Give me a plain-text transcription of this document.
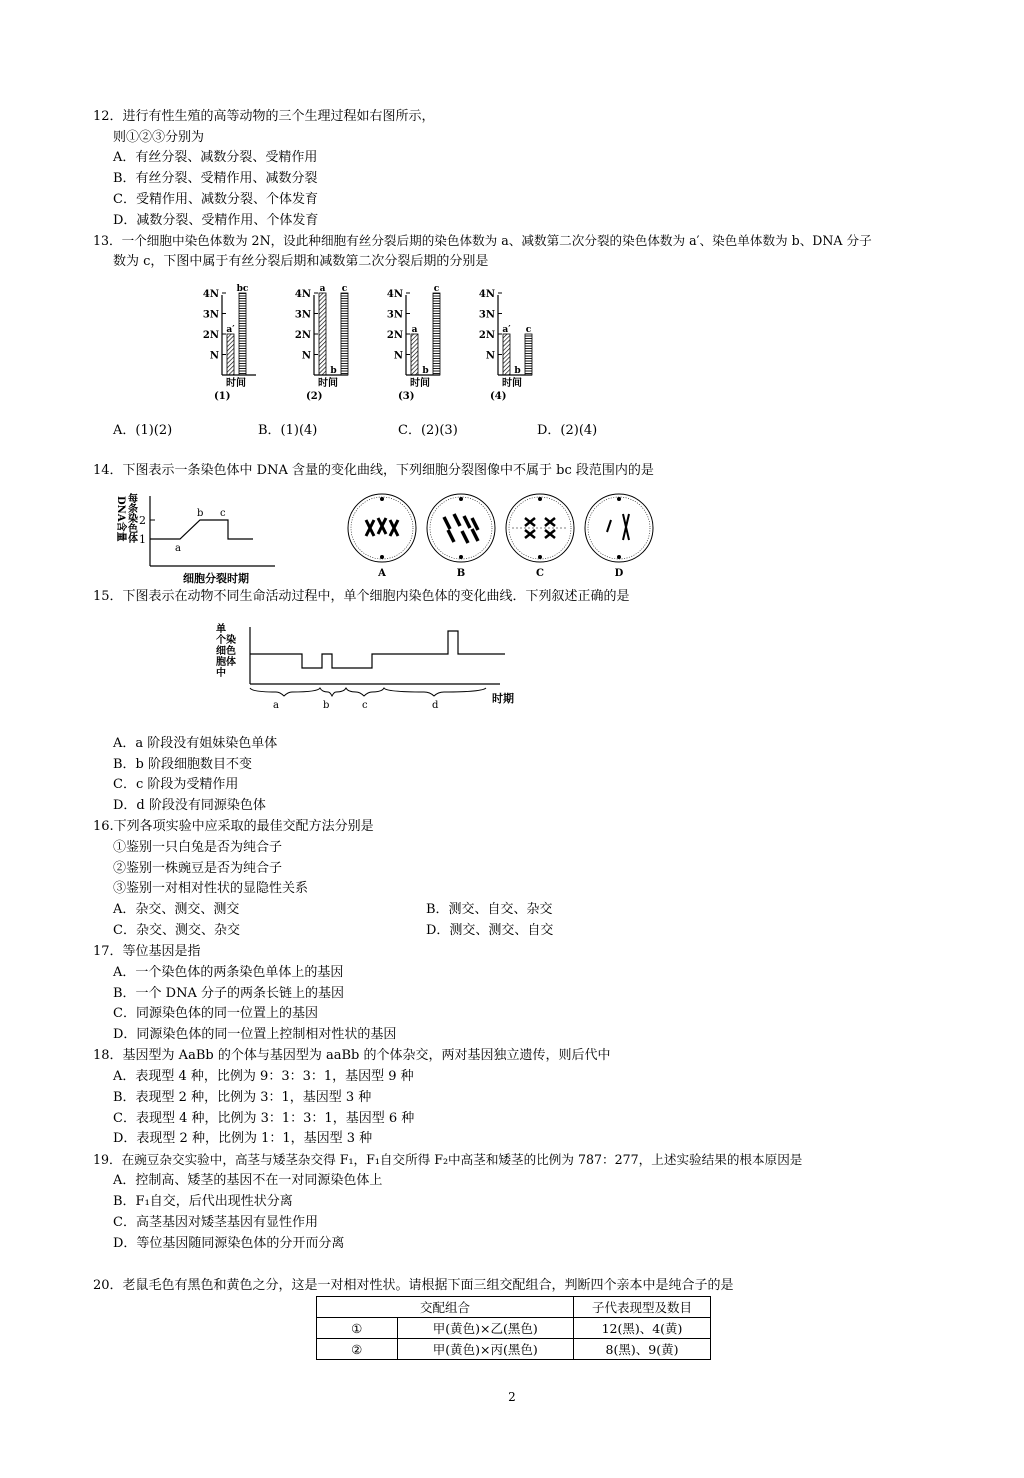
12．进行有性生殖的高等动物的三个生理过程如右图所示，
则①②③分别为
A．有丝分裂、减数分裂、受精作用
B．有丝分裂、受精作用、减数分裂
C．受精作用、减数分裂、个体发育
D．减数分裂、受精作用、个体发育
13．一个细胞中染色体数为 2N，设此种细胞有丝分裂后期的染色体数为 a、减数第二次分裂的染色体数为 a′、染色单体数为 b、DNA 分子
数为 c，下图中属于有丝分裂后期和减数第二次分裂后期的分别是
4N
3N
2N
N
a′
bc
时间
(1)
4N
3N
2N
N
a
b
c
时间
(2)
4N
3N
2N
N
a
b
c
时间
(3)
4N
3N
2N
N
a′
b
c
时间
(4)
A．(1)(2)	B．(1)(4)	C．(2)(3)	D．(2)(4)
14．下图表示一条染色体中 DNA 含量的变化曲线，下列细胞分裂图像中不属于 bc 段范围内的是
2
1
a
b c
细胞分裂时期
每
条
染
色
体
DNA含量
A	B	C	D
15．下图表示在动物不同生命活动过程中，单个细胞内染色体的变化曲线．下列叙述正确的是
单
个染
细色
胞体
中
a	b	c	d
时期
A．a 阶段没有姐妹染色单体
B．b 阶段细胞数目不变
C．c 阶段为受精作用
D．d 阶段没有同源染色体
16.下列各项实验中应采取的最佳交配方法分别是
①鉴别一只白兔是否为纯合子
②鉴别一株豌豆是否为纯合子
③鉴别一对相对性状的显隐性关系
A．杂交、测交、测交	B．测交、自交、杂交
C．杂交、测交、杂交	D．测交、测交、自交
17．等位基因是指
A．一个染色体的两条染色单体上的基因
B．一个 DNA 分子的两条长链上的基因
C．同源染色体的同一位置上的基因
D．同源染色体的同一位置上控制相对性状的基因
18．基因型为 AaBb 的个体与基因型为 aaBb 的个体杂交，两对基因独立遗传，则后代中
A．表现型 4 种，比例为 9：3：3：1，基因型 9 种
B．表现型 2 种，比例为 3：1，基因型 3 种
C．表现型 4 种，比例为 3：1：3：1，基因型 6 种
D．表现型 2 种，比例为 1：1，基因型 3 种
19．在豌豆杂交实验中，高茎与矮茎杂交得 F₁，F₁自交所得 F₂中高茎和矮茎的比例为 787：277，上述实验结果的根本原因是
A．控制高、矮茎的基因不在一对同源染色体上
B．F₁自交，后代出现性状分离
C．高茎基因对矮茎基因有显性作用
D．等位基因随同源染色体的分开而分离
20．老鼠毛色有黑色和黄色之分，这是一对相对性状。请根据下面三组交配组合，判断四个亲本中是纯合子的是
交配组合		子代表现型及数目
①	甲(黄色)×乙(黑色)	12(黑)、4(黄)
②	甲(黄色)×丙(黑色)	8(黑)、9(黄)
2
